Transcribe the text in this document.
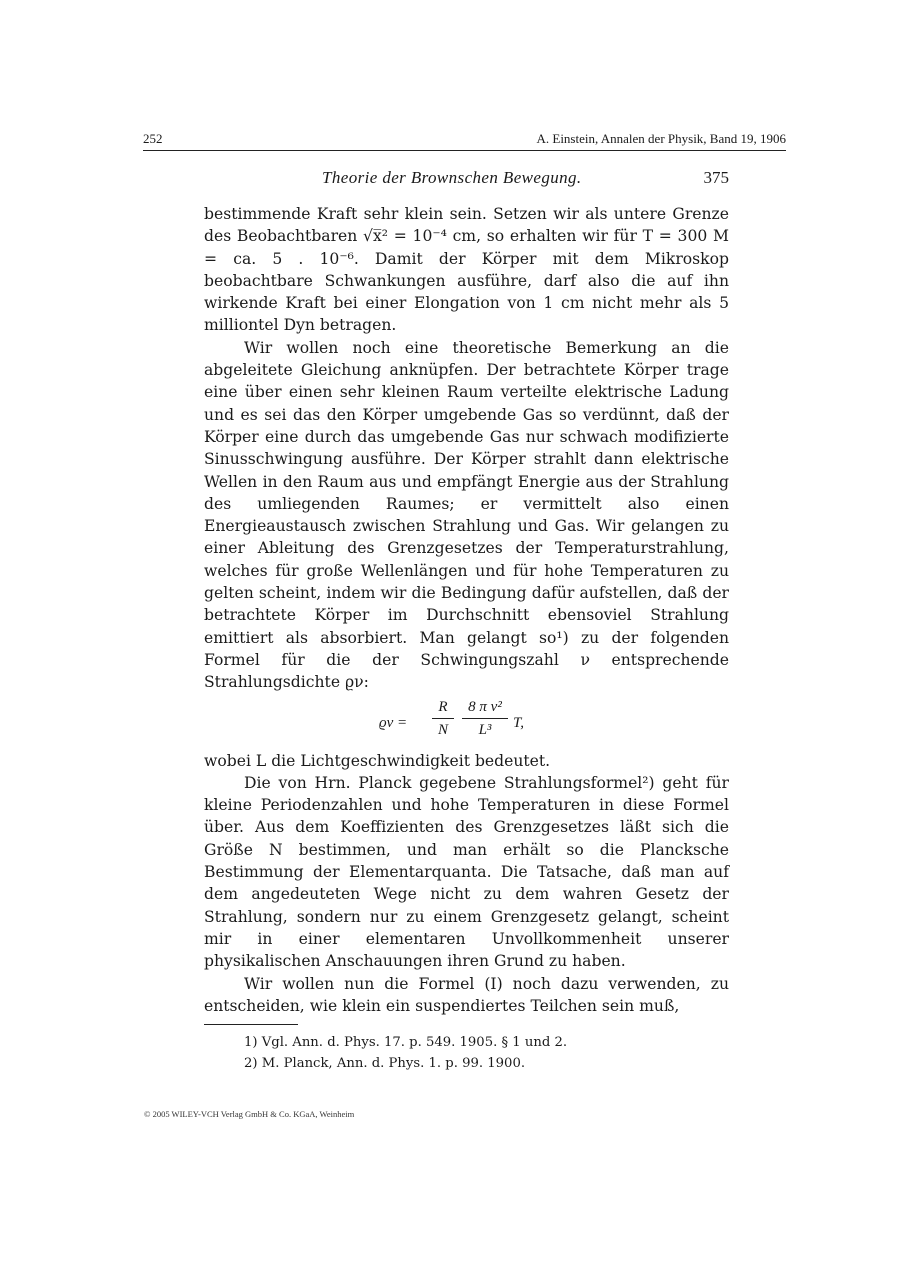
252	A. Einstein, Annalen der Physik, Band 19, 1906
Theorie der Brownschen Bewegung.	375

bestimmende Kraft sehr klein sein. Setzen wir als untere Grenze des Beobachtbaren √x̅² = 10⁻⁴ cm, so erhalten wir für T = 300 M = ca. 5 . 10⁻⁶. Damit der Körper mit dem Mikroskop beobachtbare Schwankungen ausführe, darf also die auf ihn wirkende Kraft bei einer Elongation von 1 cm nicht mehr als 5 milliontel Dyn betragen.

Wir wollen noch eine theoretische Bemerkung an die abgeleitete Gleichung anknüpfen. Der betrachtete Körper trage eine über einen sehr kleinen Raum verteilte elektrische Ladung und es sei das den Körper umgebende Gas so verdünnt, daß der Körper eine durch das umgebende Gas nur schwach modifizierte Sinusschwingung ausführe. Der Körper strahlt dann elektrische Wellen in den Raum aus und empfängt Energie aus der Strahlung des umliegenden Raumes; er vermittelt also einen Energieaustausch zwischen Strahlung und Gas. Wir gelangen zu einer Ableitung des Grenzgesetzes der Temperaturstrahlung, welches für große Wellenlängen und für hohe Temperaturen zu gelten scheint, indem wir die Bedingung dafür aufstellen, daß der betrachtete Körper im Durchschnitt ebensoviel Strahlung emittiert als absorbiert. Man gelangt so¹) zu der folgenden Formel für die der Schwingungszahl ν entsprechende Strahlungsdichte ϱν:

$ϱ\nu = \frac{R}{N} \frac{\text{8 π ν²}}{\text{L³}} T$,

wobei L die Lichtgeschwindigkeit bedeutet.

Die von Hrn. Planck gegebene Strahlungsformel²) geht für kleine Periodenzahlen und hohe Temperaturen in diese Formel über. Aus dem Koeffizienten des Grenzgesetzes läßt sich die Größe N bestimmen, und man erhält so die Plancksche Bestimmung der Elementarquanta. Die Tatsache, daß man auf dem angedeuteten Wege nicht zu dem wahren Gesetz der Strahlung, sondern nur zu einem Grenzgesetz gelangt, scheint mir in einer elementaren Unvollkommenheit unserer physikalischen Anschauungen ihren Grund zu haben.

Wir wollen nun die Formel (I) noch dazu verwenden, zu entscheiden, wie klein ein suspendiertes Teilchen sein muß,

1) Vgl. Ann. d. Phys. 17. p. 549. 1905. § 1 und 2.
2) M. Planck, Ann. d. Phys. 1. p. 99. 1900.
© 2005 WILEY-VCH Verlag GmbH & Co. KGaA, Weinheim
